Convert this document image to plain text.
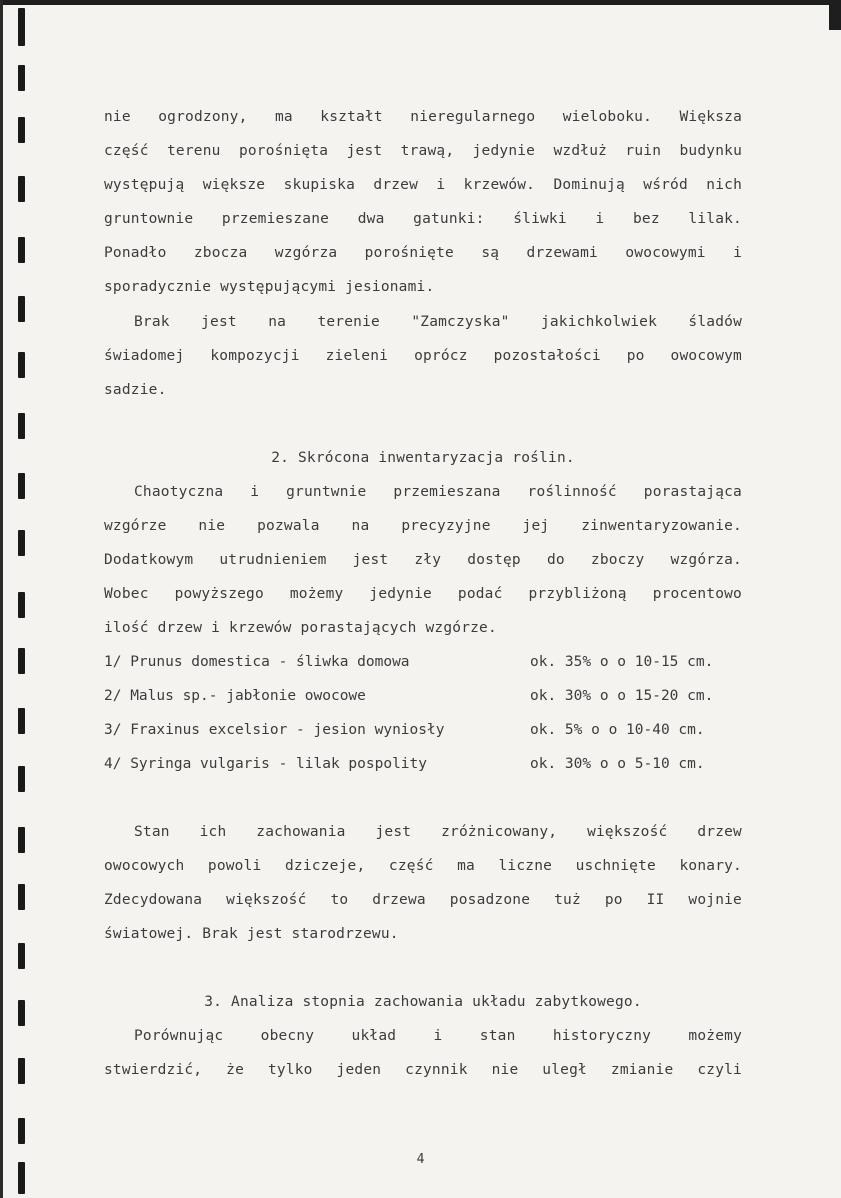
nie ogrodzony, ma kształt nieregularnego wieloboku. Większa
część terenu porośnięta jest trawą, jedynie wzdłuż ruin budynku
występują większe skupiska drzew i krzewów. Dominują wśród nich
gruntownie przemieszane dwa gatunki: śliwki i bez lilak.
Ponadło zbocza wzgórza porośnięte są drzewami owocowymi i
sporadycznie występującymi jesionami.
Brak jest na terenie "Zamczyska" jakichkolwiek śladów
świadomej kompozycji zieleni oprócz pozostałości po owocowym
sadzie.
2. Skrócona inwentaryzacja roślin.
Chaotyczna i gruntwnie przemieszana roślinność porastająca
wzgórze nie pozwala na precyzyjne jej zinwentaryzowanie.
Dodatkowym utrudnieniem jest zły dostęp do zboczy wzgórza.
Wobec powyższego możemy jedynie podać przybliżoną procentowo
ilość drzew i krzewów porastających wzgórze.
1/ Prunus domestica - śliwka domowa	ok. 35% o o 10-15 cm.
2/ Malus sp.- jabłonie owocowe	ok. 30% o o 15-20 cm.
3/ Fraxinus excelsior - jesion wyniosły	ok. 5% o o 10-40 cm.
4/ Syringa vulgaris - lilak pospolity	ok. 30% o o 5-10 cm.
Stan ich zachowania jest zróżnicowany, większość drzew
owocowych powoli dziczeje, część ma liczne uschnięte konary.
Zdecydowana większość to drzewa posadzone tuż po II wojnie
światowej. Brak jest starodrzewu.
3. Analiza stopnia zachowania układu zabytkowego.
Porównując obecny układ i stan historyczny możemy
stwierdzić, że tylko jeden czynnik nie uległ zmianie czyli
4
